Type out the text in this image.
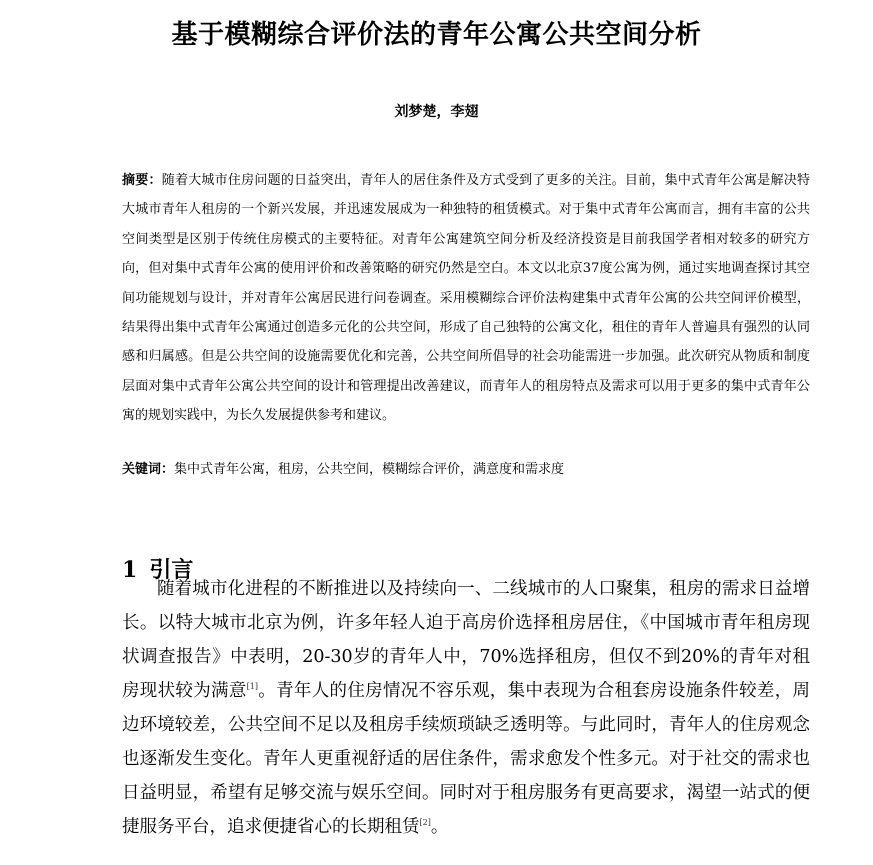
基于模糊综合评价法的青年公寓公共空间分析
刘梦楚，李翅
摘要：随着大城市住房问题的日益突出，青年人的居住条件及方式受到了更多的关注。目前，集中式青年公寓是解决特大城市青年人租房的一个新兴发展，并迅速发展成为一种独特的租赁模式。对于集中式青年公寓而言，拥有丰富的公共空间类型是区别于传统住房模式的主要特征。对青年公寓建筑空间分析及经济投资是目前我国学者相对较多的研究方向，但对集中式青年公寓的使用评价和改善策略的研究仍然是空白。本文以北京37度公寓为例，通过实地调查探讨其空间功能规划与设计，并对青年公寓居民进行问卷调查。采用模糊综合评价法构建集中式青年公寓的公共空间评价模型，结果得出集中式青年公寓通过创造多元化的公共空间，形成了自己独特的公寓文化，租住的青年人普遍具有强烈的认同感和归属感。但是公共空间的设施需要优化和完善，公共空间所倡导的社会功能需进一步加强。此次研究从物质和制度层面对集中式青年公寓公共空间的设计和管理提出改善建议，而青年人的租房特点及需求可以用于更多的集中式青年公寓的规划实践中，为长久发展提供参考和建议。
关键词：集中式青年公寓，租房，公共空间，模糊综合评价，满意度和需求度
1 引言

随着城市化进程的不断推进以及持续向一、二线城市的人口聚集，租房的需求日益增长。以特大城市北京为例，许多年轻人迫于高房价选择租房居住，《中国城市青年租房现状调查报告》中表明，20-30岁的青年人中，70%选择租房，但仅不到20%的青年对租房现状较为满意[1]。青年人的住房情况不容乐观，集中表现为合租套房设施条件较差，周边环境较差，公共空间不足以及租房手续烦琐缺乏透明等。与此同时，青年人的住房观念也逐渐发生变化。青年人更重视舒适的居住条件，需求愈发个性多元。对于社交的需求也日益明显，希望有足够交流与娱乐空间。同时对于租房服务有更高要求，渴望一站式的便捷服务平台，追求便捷省心的长期租赁[2]。
